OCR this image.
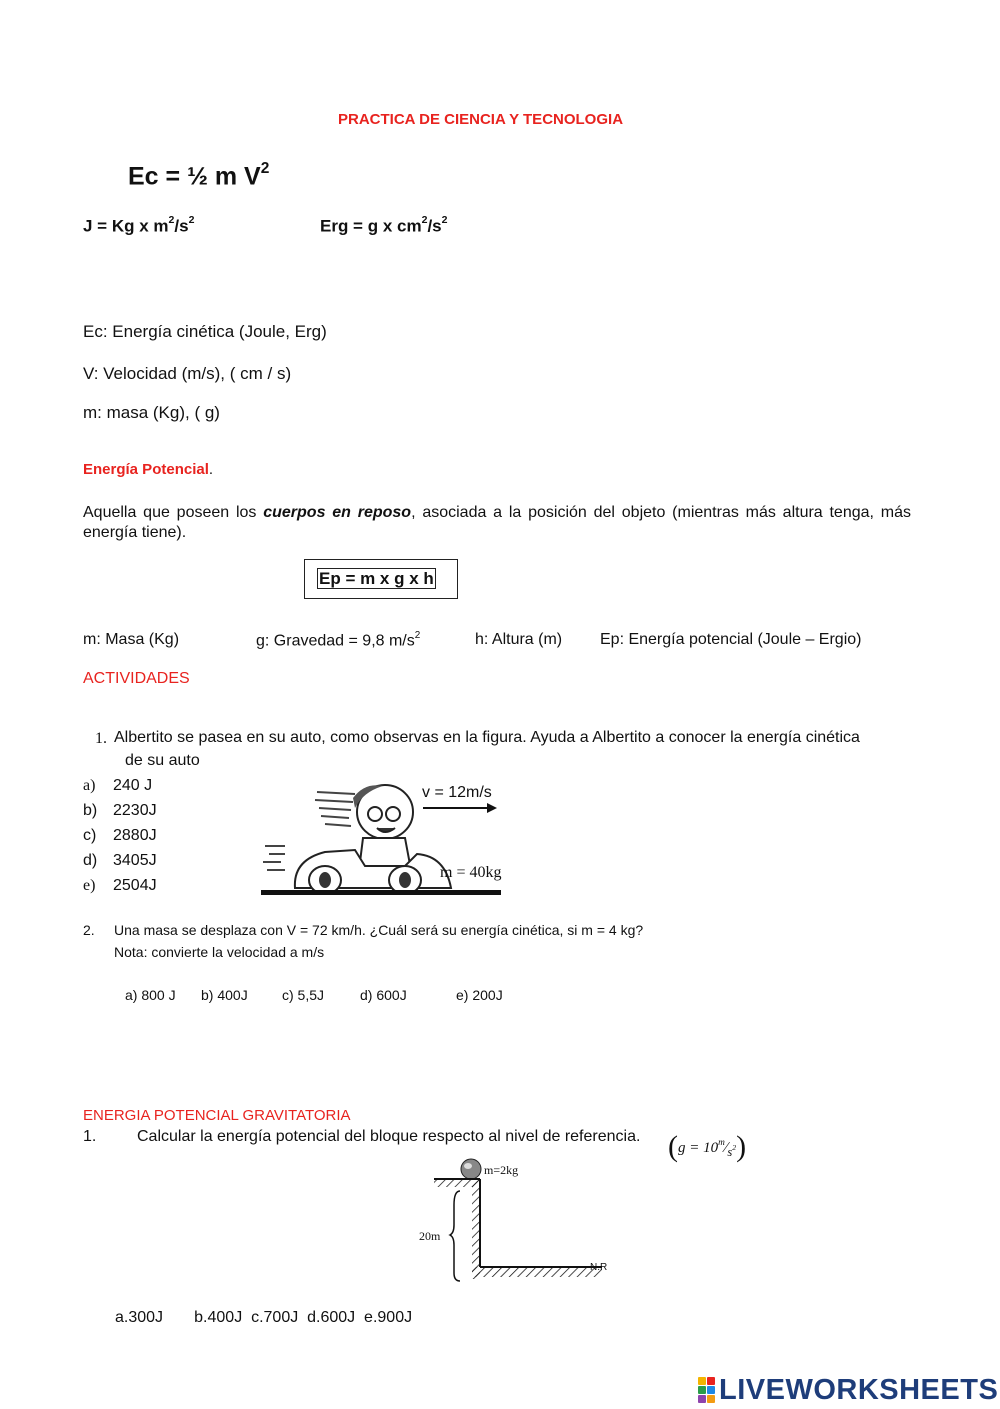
PRACTICA DE CIENCIA Y TECNOLOGIA
Ec = ½ m $V^2$
J = Kg x $m^2/s^2$	Erg = g x $cm^2/s^2$
Ec: Energía cinética (Joule, Erg)
V: Velocidad (m/s), ( cm / s)
m: masa (Kg), ( g)
Energía Potencial.
Aquella que poseen los cuerpos en reposo, asociada a la posición del objeto (mientras más altura tenga, más energía tiene).
Ep = m x g x h
m: Masa (Kg)	g: Gravedad = 9,8 $m/s^2$	h: Altura (m) Ep: Energía potencial (Joule – Ergio)
ACTIVIDADES
1. Albertito se pasea en su auto, como observas en la figura. Ayuda a Albertito a conocer la energía cinética
de su auto
a) 240 J
b) 2230J
c) 2880J
d) 3405J
e) 2504J
v = 12m/s
m = 40kg
2. Una masa se desplaza con V = 72 km/h. ¿Cuál será su energía cinética, si m = 4 kg?
Nota: convierte la velocidad a m/s
a) 800 J b) 400J c) 5,5J	d) 600J	e) 200J
ENERGIA POTENCIAL GRAVITATORIA
1.	Calcular la energía potencial del bloque respecto al nivel de referencia. $(g = 10^m∕_{s^2})$
m=2kg
20m
N.R
a.300J       b.400J  c.700J  d.600J  e.900J
LIVEWORKSHEETS
